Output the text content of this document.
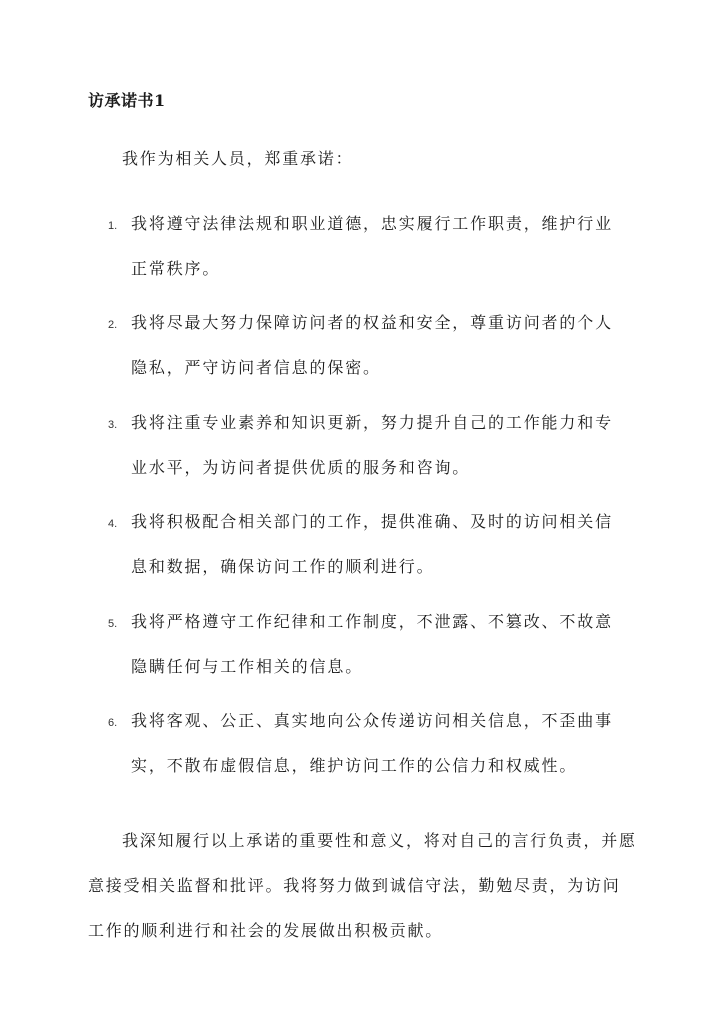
访承诺书1
我作为相关人员，郑重承诺：
1. 我将遵守法律法规和职业道德，忠实履行工作职责，维护行业正常秩序。
2. 我将尽最大努力保障访问者的权益和安全，尊重访问者的个人隐私，严守访问者信息的保密。
3. 我将注重专业素养和知识更新，努力提升自己的工作能力和专业水平，为访问者提供优质的服务和咨询。
4. 我将积极配合相关部门的工作，提供准确、及时的访问相关信息和数据，确保访问工作的顺利进行。
5. 我将严格遵守工作纪律和工作制度，不泄露、不篡改、不故意隐瞒任何与工作相关的信息。
6. 我将客观、公正、真实地向公众传递访问相关信息，不歪曲事实，不散布虚假信息，维护访问工作的公信力和权威性。
我深知履行以上承诺的重要性和意义，将对自己的言行负责，并愿意接受相关监督和批评。我将努力做到诚信守法，勤勉尽责，为访问工作的顺利进行和社会的发展做出积极贡献。
